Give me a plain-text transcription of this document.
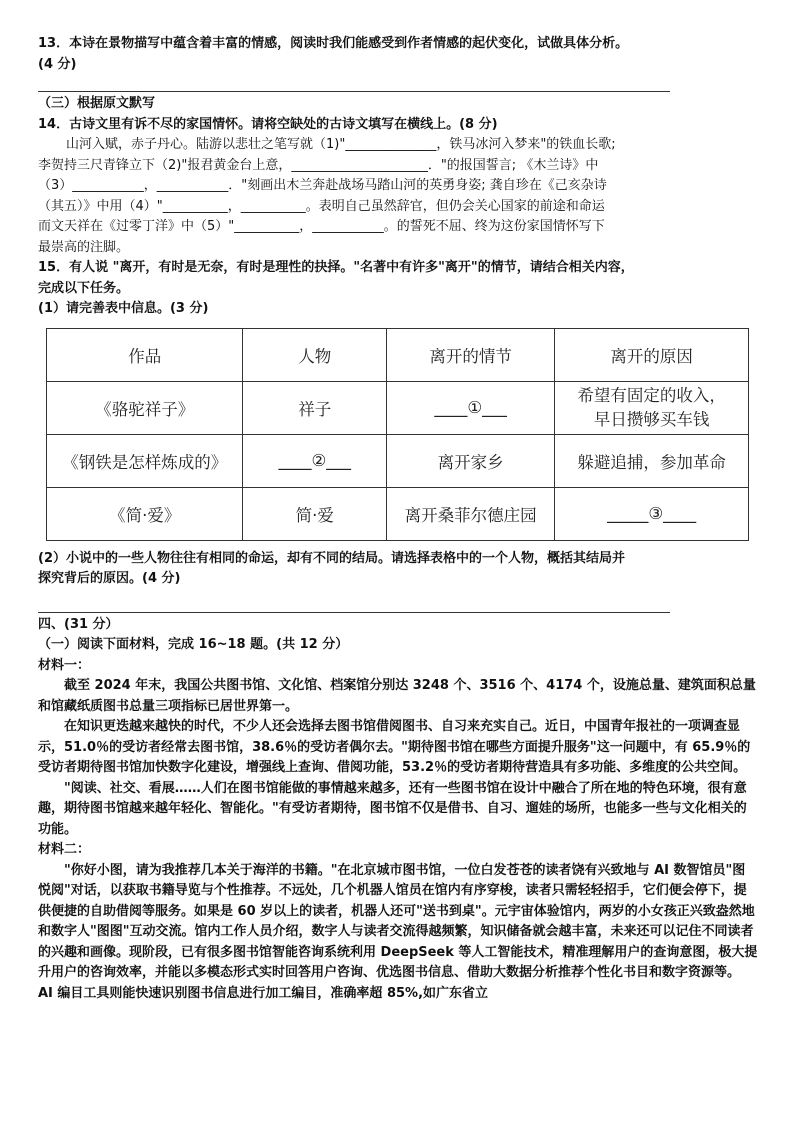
13．本诗在景物描写中蕴含着丰富的情感，阅读时我们能感受到作者情感的起伏变化，试做具体分析。
(4 分)
（三）根据原文默写
14．古诗文里有诉不尽的家国情怀。请将空缺处的古诗文填写在横线上。(8 分)
山河入赋，赤子丹心。陆游以悲壮之笔写就（1)"______________，铁马冰河入梦来"的铁血长歌;
李贺持三尺青锋立下（2)"报君黄金台上意，_____________________．"的报国誓言; 《木兰诗》中
（3）___________，___________．"刻画出木兰奔赴战场马踏山河的英勇身姿; 龚自珍在《己亥杂诗
（其五）》中用（4）"__________，__________。表明自己虽然辞官，但仍会关心国家的前途和命运
而文天祥在《过零丁洋》中（5）"__________，___________。的誓死不屈、终为这份家国情怀写下
最崇高的注脚。
15．有人说 "离开，有时是无奈，有时是理性的抉择。"名著中有许多"离开"的情节，请结合相关内容，
完成以下任务。
(1）请完善表中信息。(3 分)
作品	人物	离开的情节	离开的原因
《骆驼祥子》	祥子	____①___	希望有固定的收入，
早日攒够买车钱
《钢铁是怎样炼成的》	____②___	离开家乡	躲避追捕，参加革命
《简·爱》	简·爱	离开桑菲尔德庄园	_____③____
(2）小说中的一些人物往往有相同的命运，却有不同的结局。请选择表格中的一个人物，概括其结局并
探究背后的原因。(4 分)
四、(31 分）
（一）阅读下面材料，完成 16~18 题。(共 12 分）
材料一：
截至 2024 年末，我国公共图书馆、文化馆、档案馆分别达 3248 个、3516 个、4174 个，设施总量、建筑面积总量和馆藏纸质图书总量三项指标已居世界第一。
在知识更迭越来越快的时代，不少人还会选择去图书馆借阅图书、自习来充实自己。近日，中国青年报社的一项调查显示，51.0％的受访者经常去图书馆，38.6％的受访者偶尔去。"期待图书馆在哪些方面提升服务"这一问题中，有 65.9％的受访者期待图书馆加快数字化建设，增强线上查询、借阅功能，53.2％的受访者期待营造具有多功能、多维度的公共空间。
"阅读、社交、看展……人们在图书馆能做的事情越来越多，还有一些图书馆在设计中融合了所在地的特色环境，很有意趣，期待图书馆越来越年轻化、智能化。"有受访者期待，图书馆不仅是借书、自习、遛娃的场所，也能多一些与文化相关的功能。
材料二：
"你好小图，请为我推荐几本关于海洋的书籍。"在北京城市图书馆，一位白发苍苍的读者饶有兴致地与 AI 数智馆员"图悦阅"对话，以获取书籍导览与个性推荐。不远处，几个机器人馆员在馆内有序穿梭，读者只需轻轻招手，它们便会停下，提供便捷的自助借阅等服务。如果是 60 岁以上的读者，机器人还可"送书到桌"。元宇宙体验馆内，两岁的小女孩正兴致盎然地和数字人"图图"互动交流。馆内工作人员介绍，数字人与读者交流得越频繁，知识储备就会越丰富，未来还可以记住不同读者的兴趣和画像。现阶段，已有很多图书馆智能咨询系统利用 DeepSeek 等人工智能技术，精准理解用户的查询意图，极大提升用户的咨询效率，并能以多模态形式实时回答用户咨询、优选图书信息、借助大数据分析推荐个性化书目和数字资源等。 AI 编目工具则能快速识别图书信息进行加工编目，准确率超 85%,如广东省立
